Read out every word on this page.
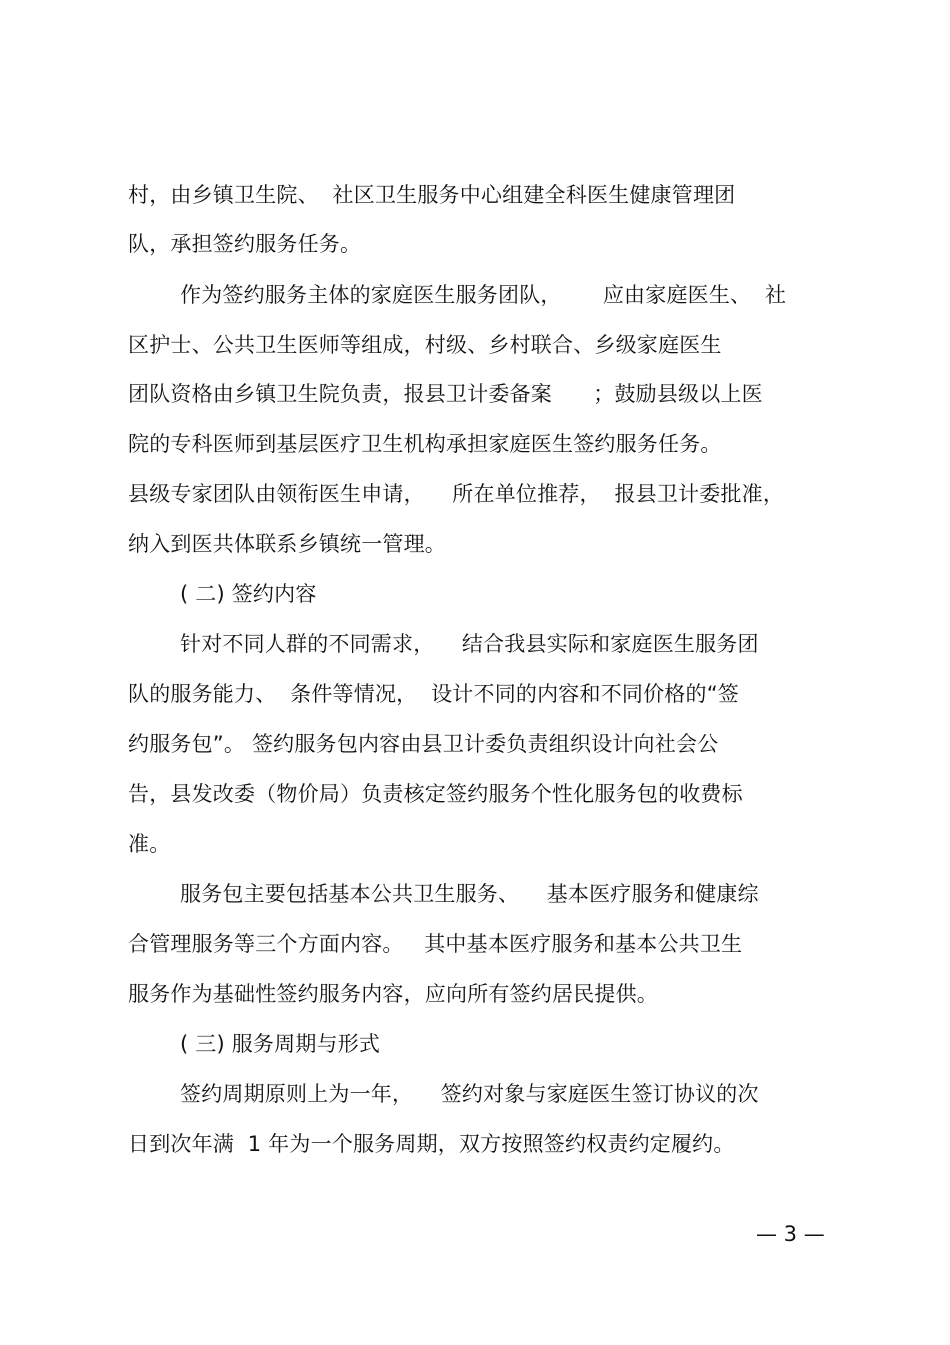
村，由乡镇卫生院、  社区卫生服务中心组建全科医生健康管理团
队，承担签约服务任务。
作为签约服务主体的家庭医生服务团队，      应由家庭医生、  社
区护士、公共卫生医师等组成，村级、乡村联合、乡级家庭医生
团队资格由乡镇卫生院负责，报县卫计委备案      ；鼓励县级以上医
院的专科医师到基层医疗卫生机构承担家庭医生签约服务任务。
县级专家团队由领衔医生申请，    所在单位推荐，  报县卫计委批准，
纳入到医共体联系乡镇统一管理。
( 二) 签约内容
针对不同人群的不同需求，    结合我县实际和家庭医生服务团
队的服务能力、  条件等情况，  设计不同的内容和不同价格的“签
约服务包”。 签约服务包内容由县卫计委负责组织设计向社会公
告，县发改委（物价局）负责核定签约服务个性化服务包的收费标
准。
服务包主要包括基本公共卫生服务、    基本医疗服务和健康综
合管理服务等三个方面内容。   其中基本医疗服务和基本公共卫生
服务作为基础性签约服务内容，应向所有签约居民提供。
( 三) 服务周期与形式
签约周期原则上为一年，    签约对象与家庭医生签订协议的次
日到次年满  1 年为一个服务周期，双方按照签约权责约定履约。
— 3 —
